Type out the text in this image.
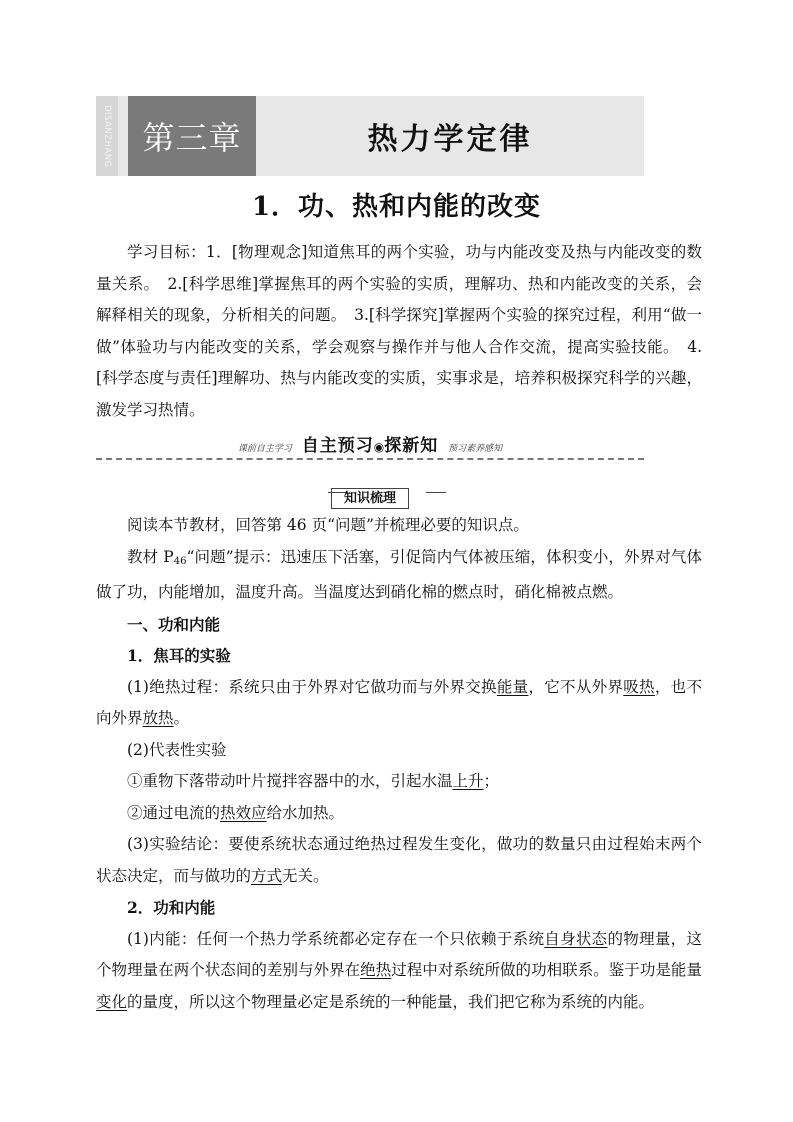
DISANZHANG 第三章	热力学定律
1．功、热和内能的改变

学习目标：1．[物理观念]知道焦耳的两个实验，功与内能改变及热与内能改变的数量关系。　2.[科学思维]掌握焦耳的两个实验的实质，理解功、热和内能改变的关系，会解释相关的现象，分析相关的问题。　3.[科学探究]掌握两个实验的探究过程，利用“做一做”体验功与内能改变的关系，学会观察与操作并与他人合作交流，提高实验技能。　4.[科学态度与责任]理解功、热与内能改变的实质，实事求是，培养积极探究科学的兴趣，激发学习热情。

课前自主学习 自主预习◉探新知 预习素养感知
知识梳理

阅读本节教材，回答第 46 页“问题”并梳理必要的知识点。

教材 $P_{46}“$问题”提示：迅速压下活塞，引促筒内气体被压缩，体积变小，外界对气体做了功，内能增加，温度升高。当温度达到硝化棉的燃点时，硝化棉被点燃。

一、功和内能

1．焦耳的实验

(1)绝热过程：系统只由于外界对它做功而与外界交换能量，它不从外界吸热，也不向外界放热。

(2)代表性实验

①重物下落带动叶片搅拌容器中的水，引起水温上升；

②通过电流的热效应给水加热。

(3)实验结论：要使系统状态通过绝热过程发生变化，做功的数量只由过程始末两个状态决定，而与做功的方式无关。

2．功和内能

(1)内能：任何一个热力学系统都必定存在一个只依赖于系统自身状态的物理量，这个物理量在两个状态间的差别与外界在绝热过程中对系统所做的功相联系。鉴于功是能量变化的量度，所以这个物理量必定是系统的一种能量，我们把它称为系统的内能。
